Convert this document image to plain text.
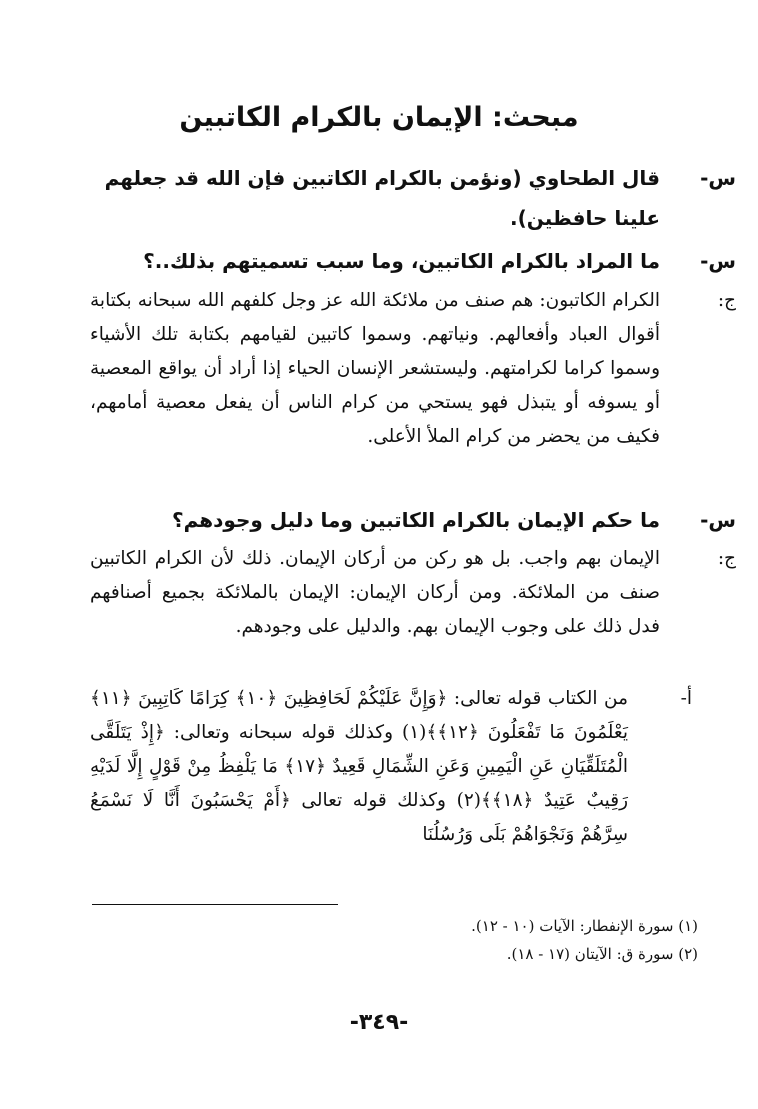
مبحث: الإيمان بالكرام الكاتبين
س-قال الطحاوي (ونؤمن بالكرام الكاتبين فإن الله قد جعلهم علينا حافظين).
س-ما المراد بالكرام الكاتبين، وما سبب تسميتهم بذلك..؟
ج:الكرام الكاتبون: هم صنف من ملائكة الله عز وجل كلفهم الله سبحانه بكتابة أقوال العباد وأفعالهم. ونياتهم. وسموا كاتبين لقيامهم بكتابة تلك الأشياء وسموا كراما لكرامتهم. وليستشعر الإنسان الحياء إذا أراد أن يواقع المعصية أو يسوفه أو يتبذل فهو يستحي من كرام الناس أن يفعل معصية أمامهم، فكيف من يحضر من كرام الملأ الأعلى.
س-ما حكم الإيمان بالكرام الكاتبين وما دليل وجودهم؟
ج:الإيمان بهم واجب. بل هو ركن من أركان الإيمان. ذلك لأن الكرام الكاتبين صنف من الملائكة. ومن أركان الإيمان: الإيمان بالملائكة بجميع أصنافهم فدل ذلك على وجوب الإيمان بهم. والدليل على وجودهم.
أ-من الكتاب قوله تعالى: ﴿وَإِنَّ عَلَيْكُمْ لَحَافِظِينَ ﴿١٠﴾ كِرَامًا كَاتِبِينَ ﴿١١﴾ يَعْلَمُونَ مَا تَفْعَلُونَ ﴿١٢﴾﴾(١) وكذلك قوله سبحانه وتعالى: ﴿إِذْ يَتَلَقَّى الْمُتَلَقِّيَانِ عَنِ الْيَمِينِ وَعَنِ الشِّمَالِ قَعِيدٌ ﴿١٧﴾ مَا يَلْفِظُ مِنْ قَوْلٍ إِلَّا لَدَيْهِ رَقِيبٌ عَتِيدٌ ﴿١٨﴾﴾(٢) وكذلك قوله تعالى ﴿أَمْ يَحْسَبُونَ أَنَّا لَا نَسْمَعُ سِرَّهُمْ وَنَجْوَاهُمْ بَلَى وَرُسُلُنَا
(١) سورة الإنفطار: الآيات (١٠ - ١٢).
(٢) سورة ق: الآيتان (١٧ - ١٨).
-٣٤٩-
